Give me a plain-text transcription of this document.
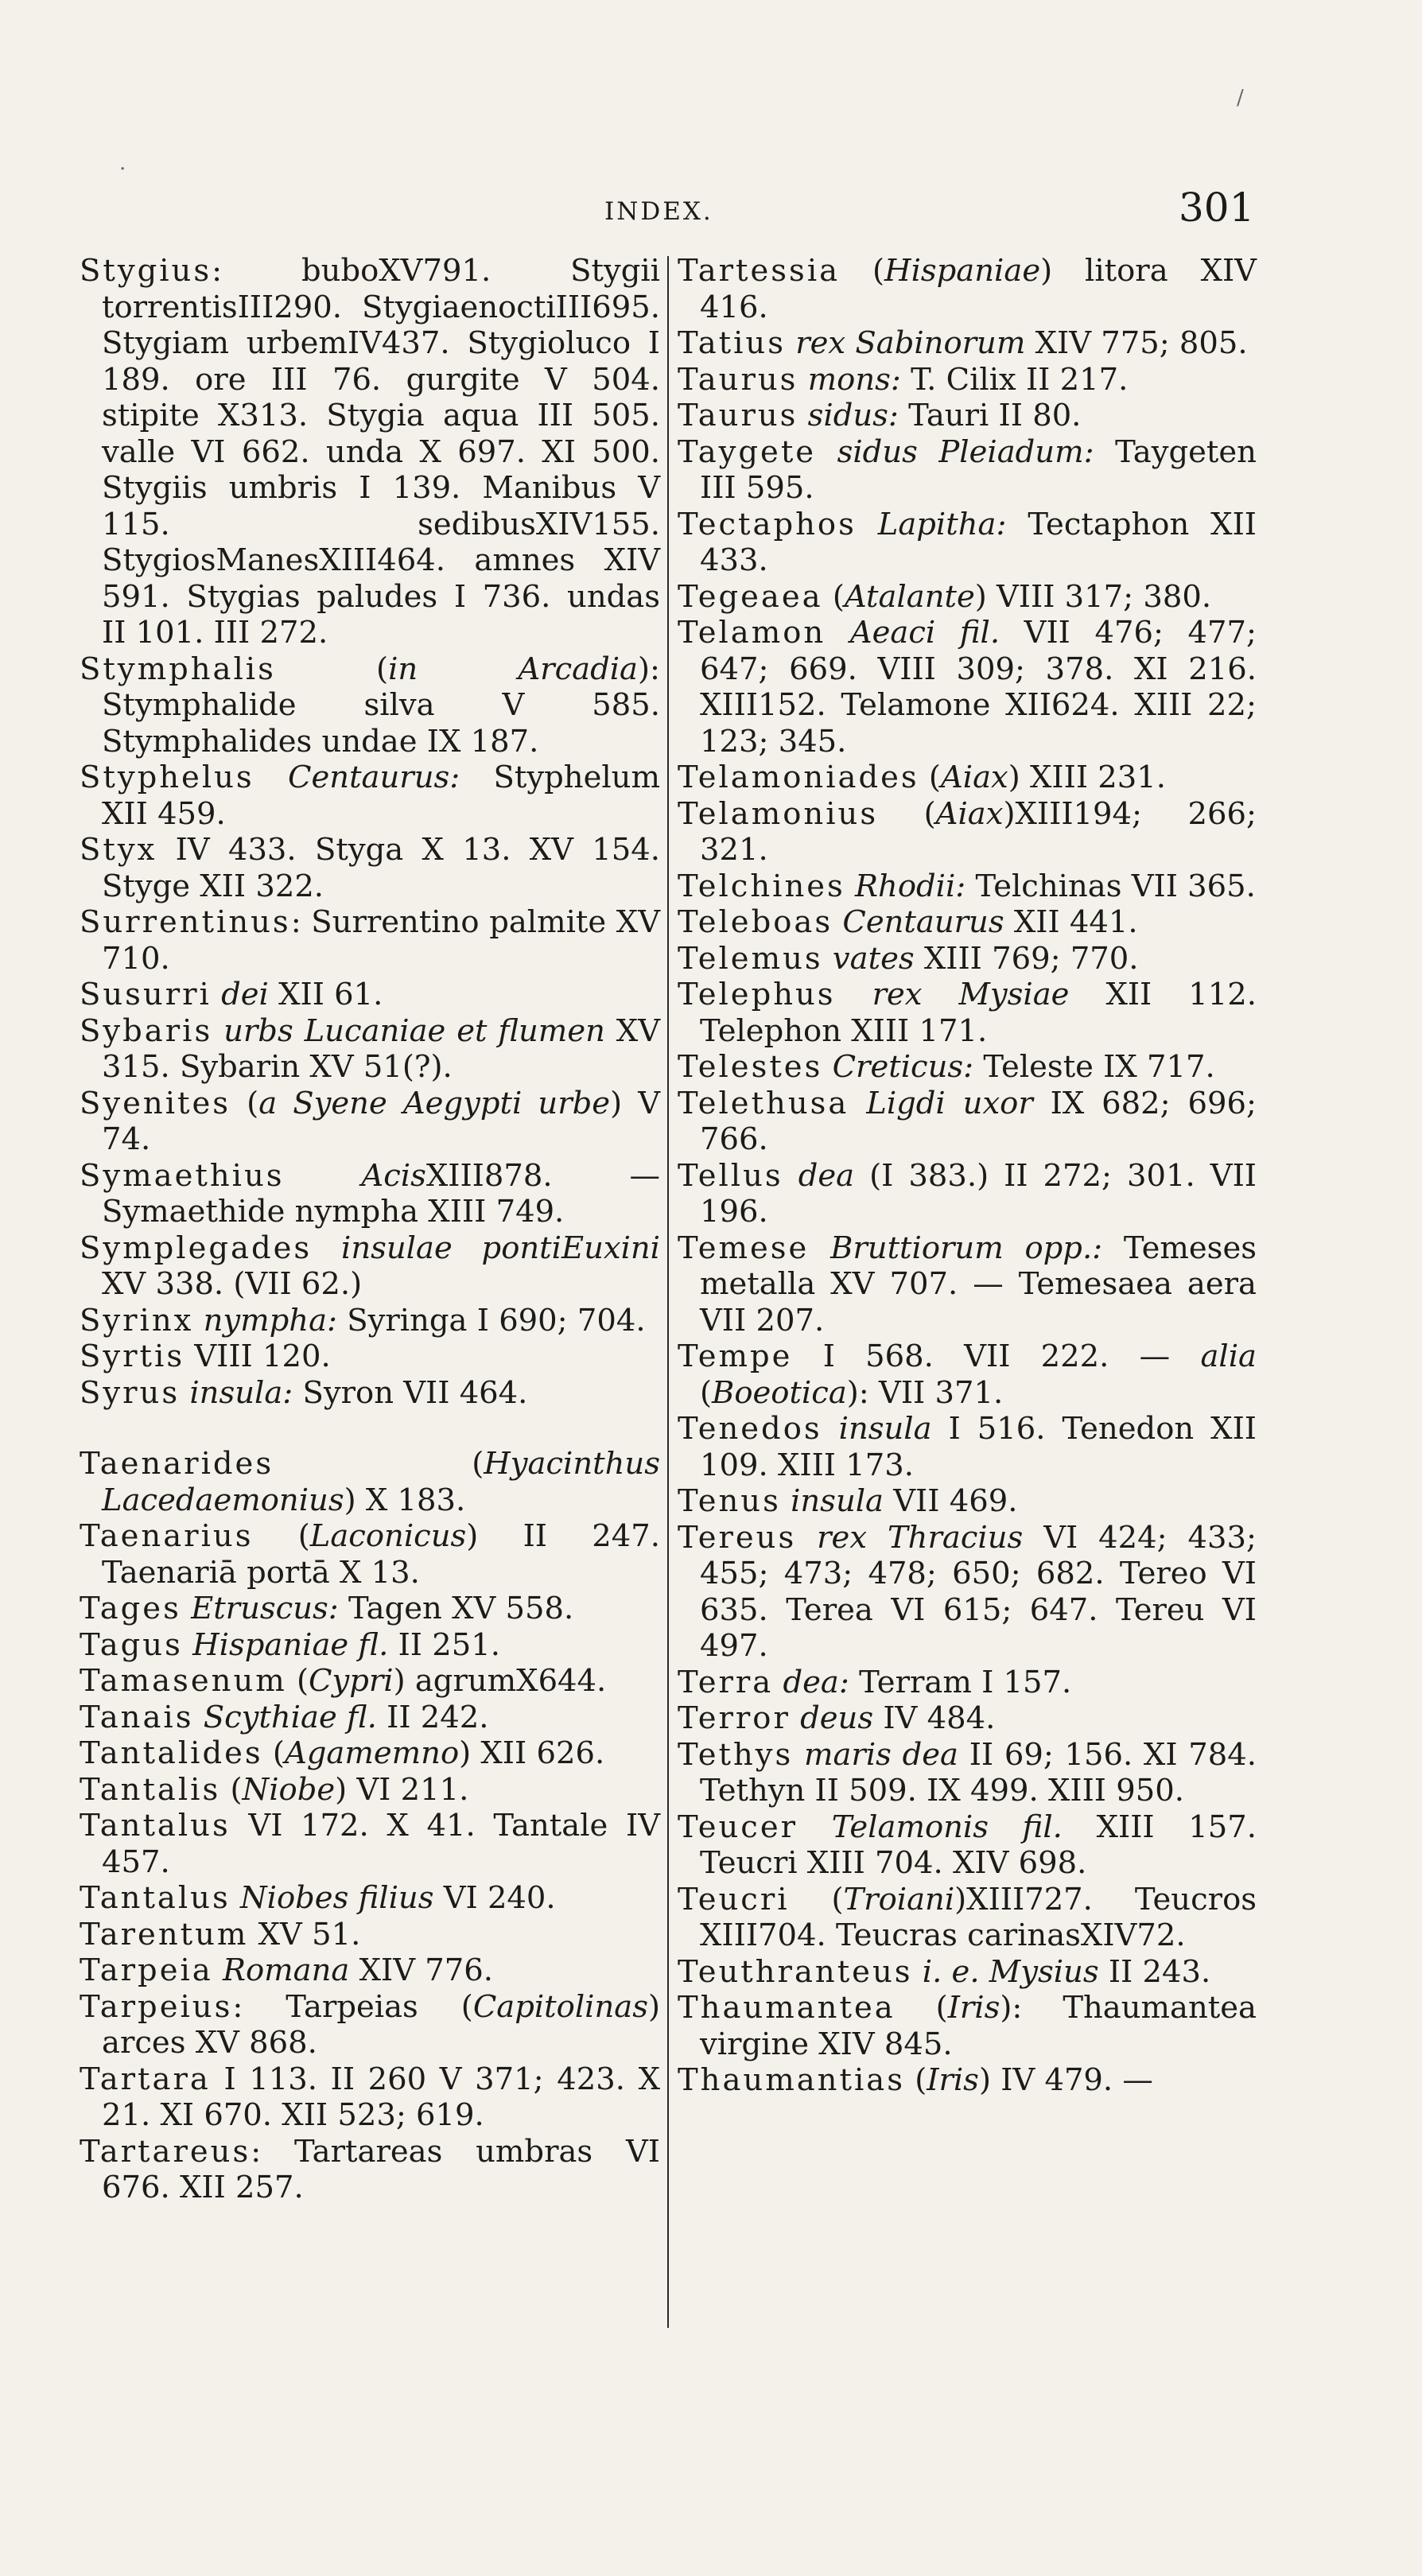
/
.
INDEX.	301
Stygius: buboXV791. Stygii torrentisIII290. StygiaenoctiIII695. Stygiam urbemIV437. Stygioluco I 189. ore III 76. gurgite V 504. stipite X313. Stygia aqua III 505. valle VI 662. unda X 697. XI 500. Stygiis umbris I 139. Manibus V 115. sedibusXIV155. StygiosManesXIII464. amnes XIV 591. Stygias paludes I 736. undas II 101. III 272.
Stymphalis (in Arcadia): Stymphalide silva V 585. Stymphalides undae IX 187.
Styphelus Centaurus: Styphelum XII 459.
Styx IV 433. Styga X 13. XV 154. Styge XII 322.
Surrentinus: Surrentino palmite XV 710.
Susurri dei XII 61.
Sybaris urbs Lucaniae et flumen XV 315. Sybarin XV 51(?).
Syenites (a Syene Aegypti urbe) V 74.
Symaethius	AcisXIII878. — Symaethide nympha XIII 749.
Symplegades insulae pontiEuxini XV 338. (VII 62.)
Syrinx nympha: Syringa I 690; 704.
Syrtis VIII 120.
Syrus insula: Syron VII 464.
Taenarides (Hyacinthus Lacedaemonius) X 183.
Taenarius (Laconicus) II 247. Taenariā portā X 13.
Tages Etruscus: Tagen XV 558.
Tagus Hispaniae fl. II 251.
Tamasenum (Cypri) agrumX644.
Tanais Scythiae fl. II 242.
Tantalides (Agamemno) XII 626.
Tantalis (Niobe) VI 211.
Tantalus VI 172. X 41. Tantale IV 457.
Tantalus Niobes filius VI 240.
Tarentum XV 51.
Tarpeia Romana XIV 776.
Tarpeius: Tarpeias (Capitolinas) arces XV 868.
Tartara I 113. II 260 V 371; 423. X 21. XI 670. XII 523; 619.
Tartareus: Tartareas umbras VI 676. XII 257.
Tartessia (Hispaniae) litora XIV 416.
Tatius rex Sabinorum XIV 775; 805.
Taurus mons: T. Cilix II 217.
Taurus sidus: Tauri II 80.
Taygete sidus Pleiadum: Taygeten III 595.
Tectaphos Lapitha: Tectaphon XII 433.
Tegeaea (Atalante) VIII 317; 380.
Telamon Aeaci fil. VII 476; 477; 647; 669. VIII 309; 378. XI 216. XIII152. Telamone XII624. XIII 22; 123; 345.
Telamoniades (Aiax) XIII 231.
Telamonius (Aiax)XIII194; 266; 321.
Telchines Rhodii: Telchinas VII 365.
Teleboas Centaurus XII 441.
Telemus vates XIII 769; 770.
Telephus rex Mysiae XII 112. Telephon XIII 171.
Telestes Creticus: Teleste IX 717.
Telethusa Ligdi uxor IX 682; 696; 766.
Tellus dea (I 383.) II 272; 301. VII 196.
Temese Bruttiorum opp.: Temeses metalla XV 707. — Temesaea aera VII 207.
Tempe I 568. VII 222. — alia (Boeotica): VII 371.
Tenedos insula I 516. Tenedon XII 109. XIII 173.
Tenus insula VII 469.
Tereus rex Thracius VI 424; 433; 455; 473; 478; 650; 682. Tereo VI 635. Terea VI 615; 647. Tereu VI 497.
Terra dea: Terram I 157.
Terror deus IV 484.
Tethys maris dea II 69; 156. XI 784. Tethyn II 509. IX 499. XIII 950.
Teucer Telamonis fil. XIII 157. Teucri XIII 704. XIV 698.
Teucri (Troiani)XIII727. Teucros XIII704. Teucras carinasXIV72.
Teuthranteus i. e. Mysius II 243.
Thaumantea (Iris): Thaumantea virgine XIV 845.
Thaumantias (Iris) IV 479. —
